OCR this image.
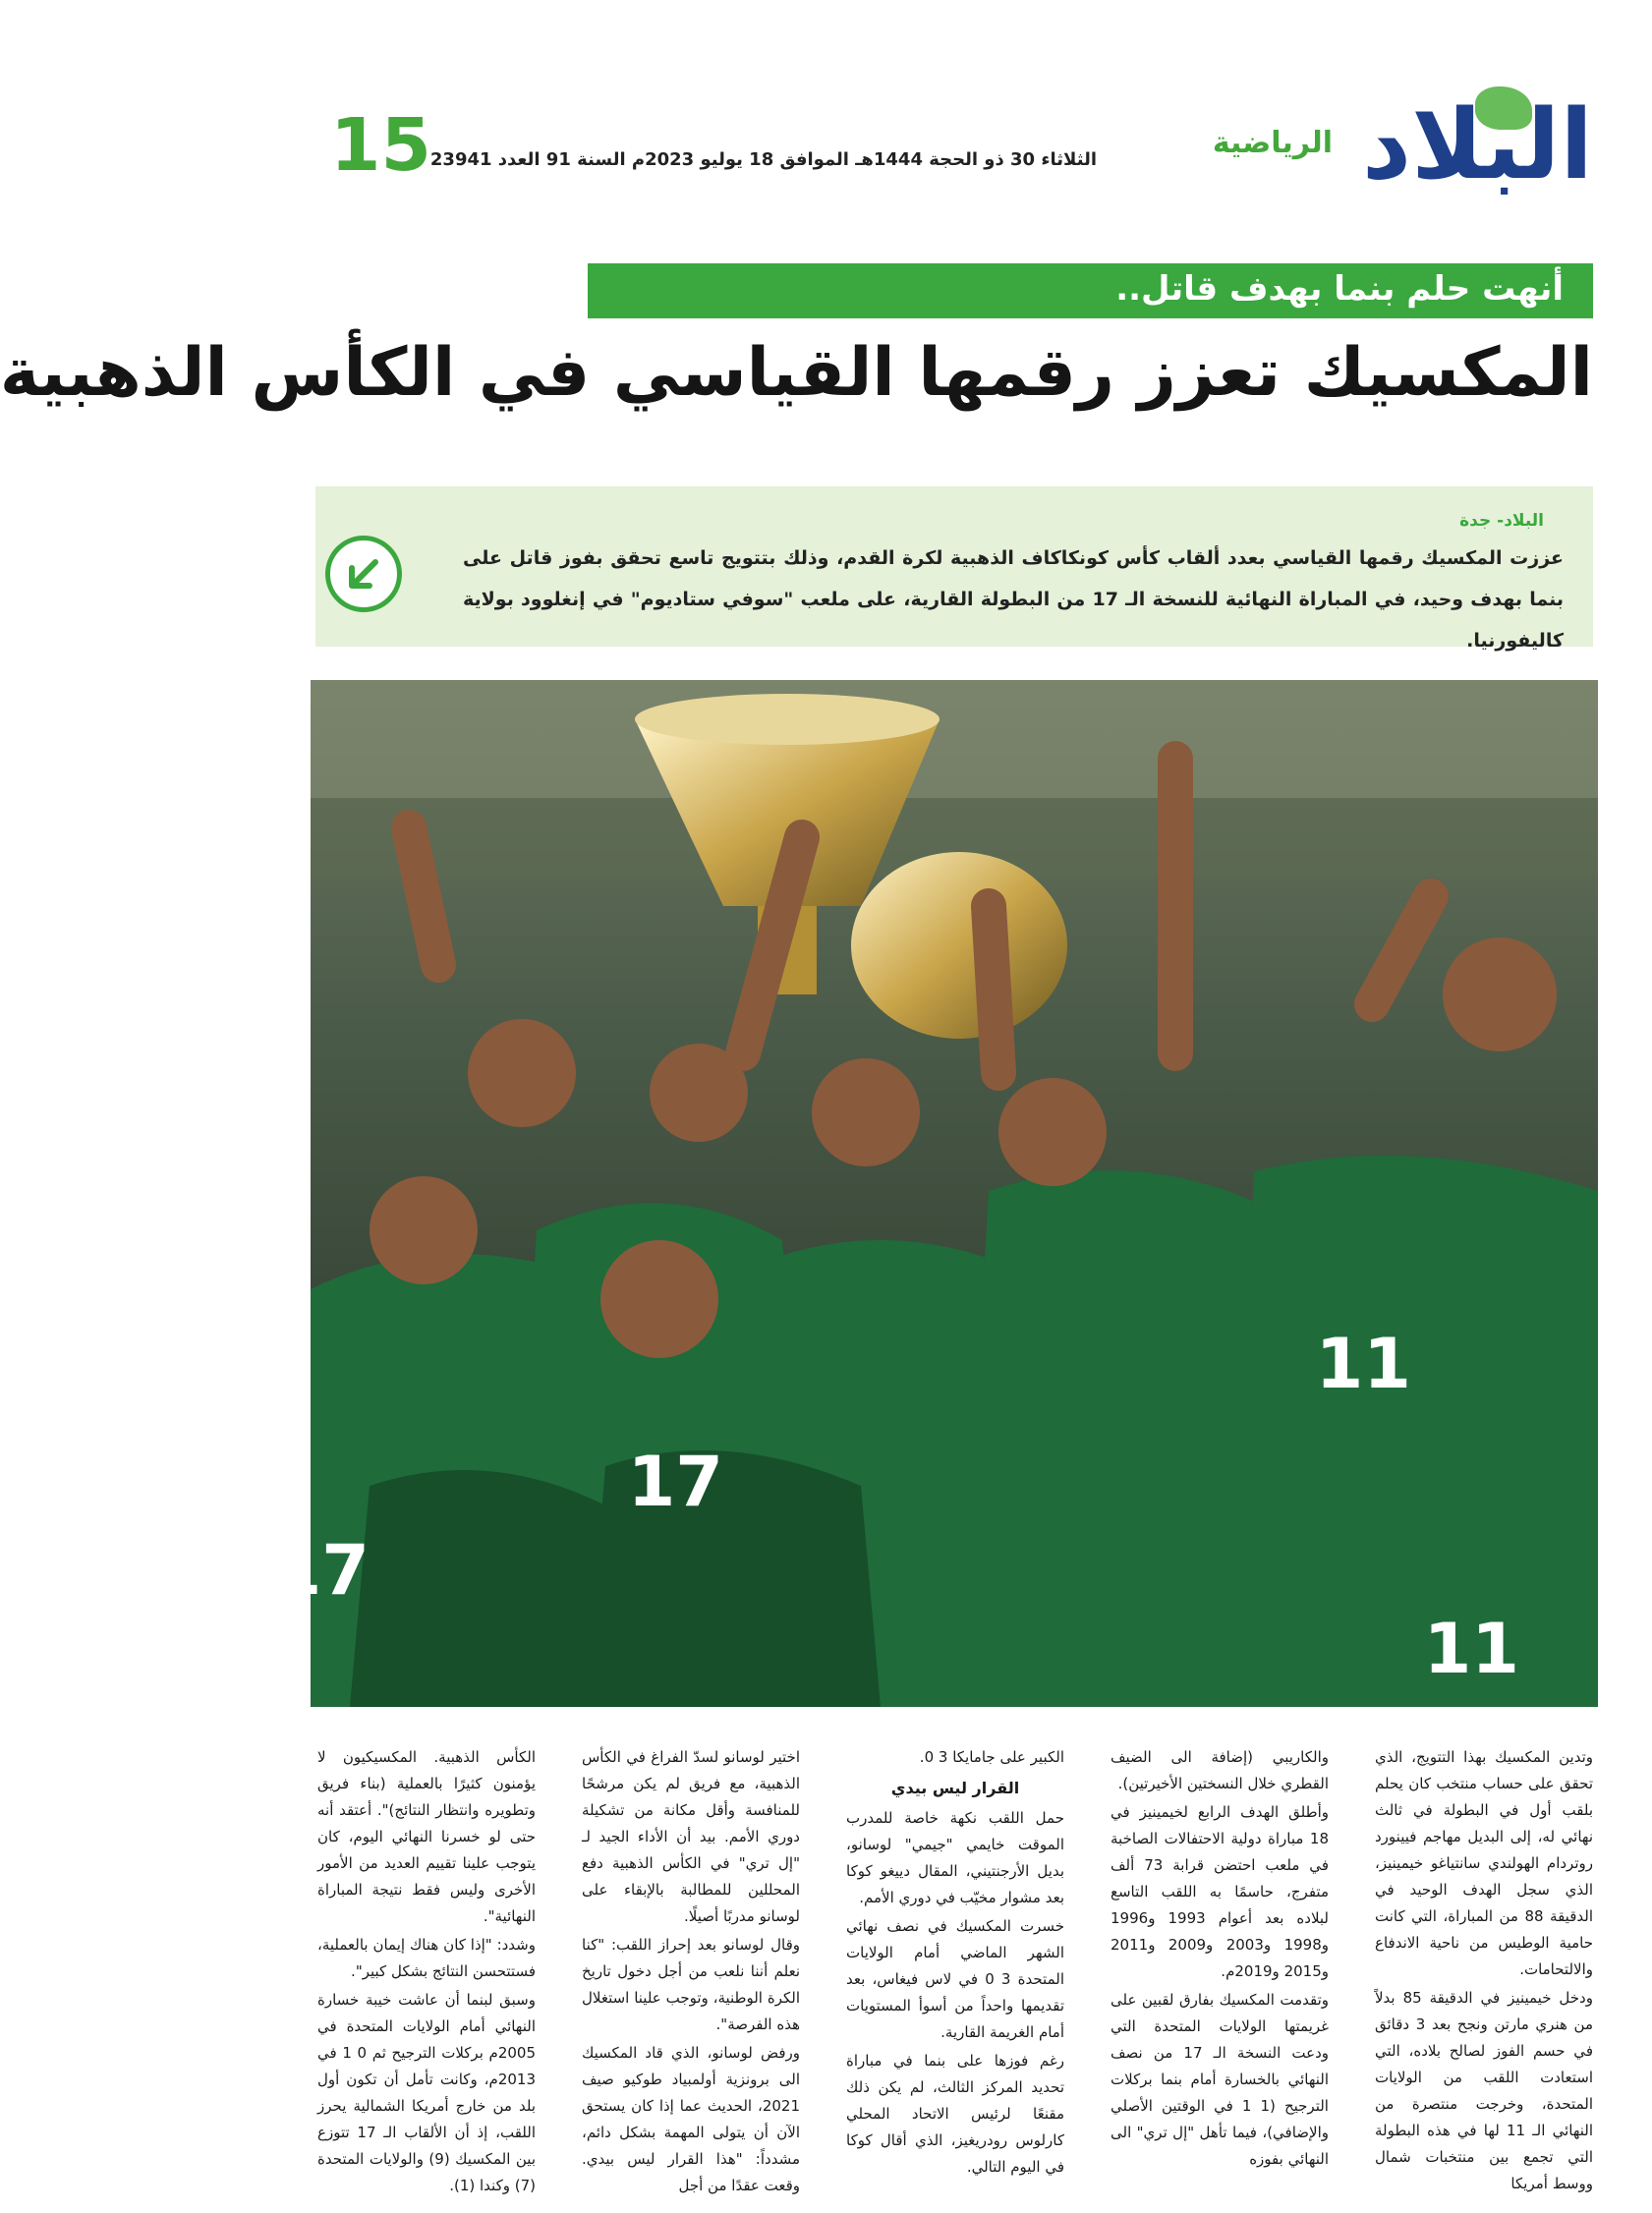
البلاد
الرياضية
الثلاثاء 30 ذو الحجة 1444هـ الموافق 18 يوليو 2023م السنة 91 العدد 23941
15
أنهت حلم بنما بهدف قاتل..
المكسيك تعزز رقمها القياسي في الكأس الذهبية
البلاد- جدة
عززت المكسيك رقمها القياسي بعدد ألقاب كأس كونكاكاف الذهبية لكرة القدم، وذلك بتتويج تاسع تحقق بفوز قاتل على بنما بهدف وحيد، في المباراة النهائية للنسخة الـ 17 من البطولة القارية، على ملعب "سوفي ستاديوم" في إنغلوود بولاية كاليفورنيا.
11
11
17
17

وتدين المكسيك بهذا التتويج، الذي تحقق على حساب منتخب كان يحلم بلقب أول في البطولة في ثالث نهائي له، إلى البديل مهاجم فيينورد روتردام الهولندي سانتياغو خيمينيز، الذي سجل الهدف الوحيد في الدقيقة 88 من المباراة، التي كانت حامية الوطيس من ناحية الاندفاع والالتحامات.

ودخل خيمينيز في الدقيقة 85 بدلاً من هنري مارتن ونجح بعد 3 دقائق في حسم الفوز لصالح بلاده، التي استعادت اللقب من الولايات المتحدة، وخرجت منتصرة من النهائي الـ 11 لها في هذه البطولة التي تجمع بين منتخبات شمال ووسط أمريكا

والكاريبي (إضافة الى الضيف القطري خلال النسختين الأخيرتين).

وأطلق الهدف الرابع لخيمينيز في 18 مباراة دولية الاحتفالات الصاخبة في ملعب احتضن قرابة 73 ألف متفرج، حاسمًا به اللقب التاسع لبلاده بعد أعوام 1993 و1996 و1998 و2003 و2009 و2011 و2015 و2019م.

وتقدمت المكسيك بفارق لقبين على غريمتها الولايات المتحدة التي ودعت النسخة الـ 17 من نصف النهائي بالخسارة أمام بنما بركلات الترجيح (1 1 في الوقتين الأصلي والإضافي)، فيما تأهل "إل تري" الى النهائي بفوزه

الكبير على جامايكا 3 0.

القرار ليس بيدي

حمل اللقب نكهة خاصة للمدرب الموقت خايمي "جيمي" لوسانو، بديل الأرجنتيني، المقال دييغو كوكا بعد مشوار مخيّب في دوري الأمم.

خسرت المكسيك في نصف نهائي الشهر الماضي أمام الولايات المتحدة 3 0 في لاس فيغاس، بعد تقديمها واحداً من أسوأ المستويات أمام الغريمة القارية.

رغم فوزها على بنما في مباراة تحديد المركز الثالث، لم يكن ذلك مقنعًا لرئيس الاتحاد المحلي كارلوس رودريغيز، الذي أقال كوكا في اليوم التالي.

اختير لوسانو لسدّ الفراغ في الكأس الذهبية، مع فريق لم يكن مرشحًا للمنافسة وأقل مكانة من تشكيلة دوري الأمم. بيد أن الأداء الجيد لـ "إل تري" في الكأس الذهبية دفع المحللين للمطالبة بالإبقاء على لوسانو مدربًا أصيلًا.

وقال لوسانو بعد إحراز اللقب: "كنا نعلم أننا نلعب من أجل دخول تاريخ الكرة الوطنية، وتوجب علينا استغلال هذه الفرصة".

ورفض لوسانو، الذي قاد المكسيك الى برونزية أولمبياد طوكيو صيف 2021، الحديث عما إذا كان يستحق الآن أن يتولى المهمة بشكل دائم، مشدداً: "هذا القرار ليس بيدي. وقعت عقدًا من أجل

الكأس الذهبية. المكسيكيون لا يؤمنون كثيرًا بالعملية (بناء فريق وتطويره وانتظار النتائج)". أعتقد أنه حتى لو خسرنا النهائي اليوم، كان يتوجب علينا تقييم العديد من الأمور الأخرى وليس فقط نتيجة المباراة النهائية".

وشدد: "إذا كان هناك إيمان بالعملية، فستتحسن النتائج بشكل كبير".

وسبق لبنما أن عاشت خيبة خسارة النهائي أمام الولايات المتحدة في 2005م بركلات الترجيح ثم 0 1 في 2013م، وكانت تأمل أن تكون أول بلد من خارج أمريكا الشمالية يحرز اللقب، إذ أن الألقاب الـ 17 تتوزع بين المكسيك (9) والولايات المتحدة (7) وكندا (1).
